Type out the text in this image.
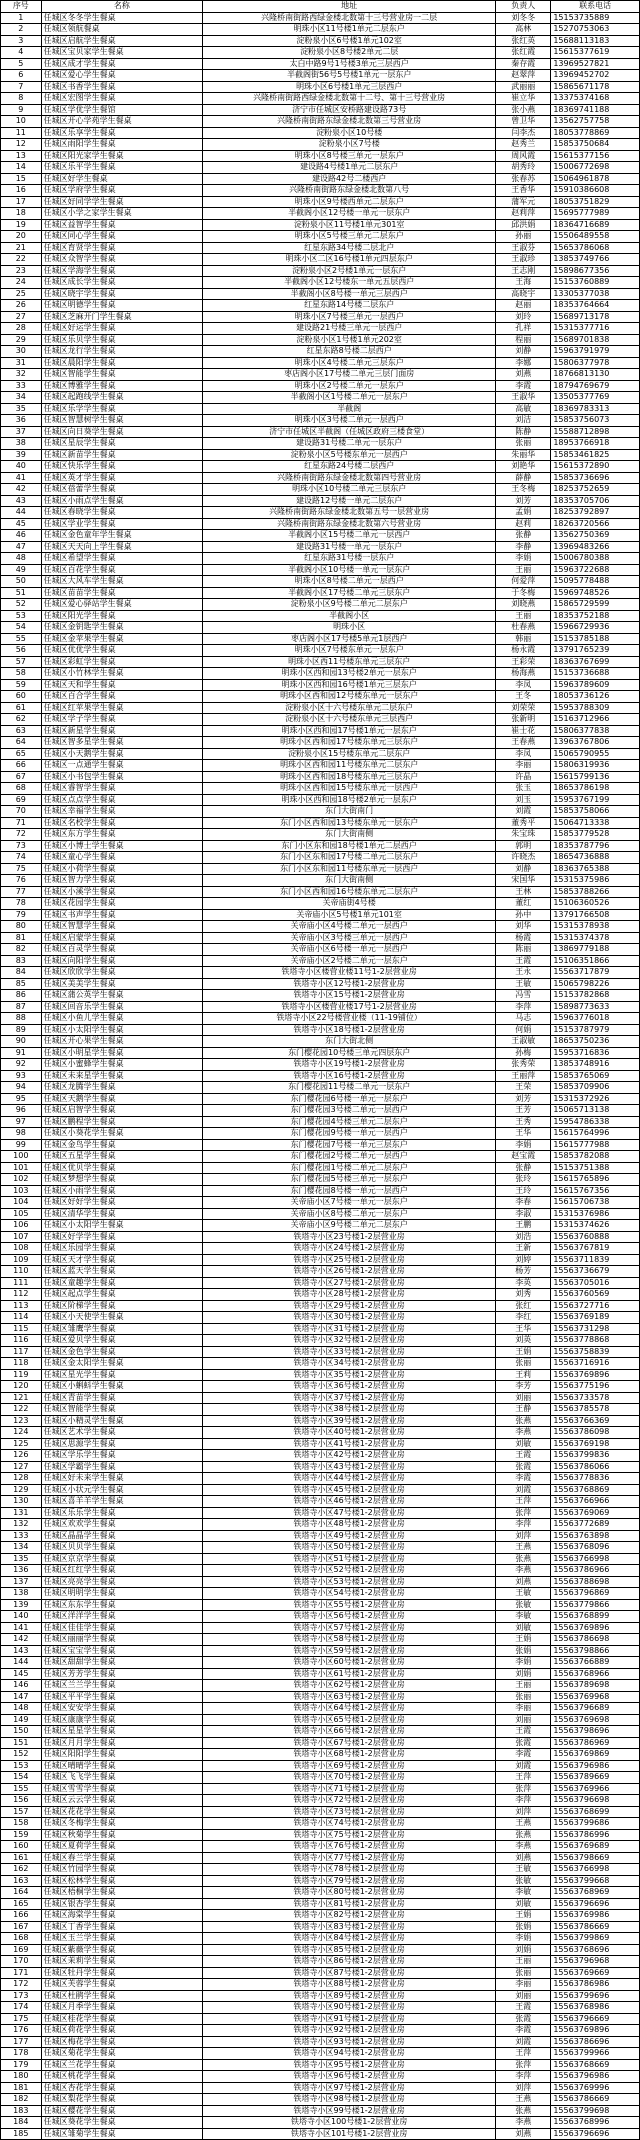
序号	名称	地址	负责人	联系电话
1	任城区冬冬学生餐桌	兴隆桥南街路西绿金楼北数第十三号营业房一二层	刘冬冬	15153735889
2	任城区领航餐桌	明珠小区11号楼1单元二层东户	高林	15270753063
3	任城区启航学生餐桌	淀粉泉小区6号楼1单元102室	张红英	15688113183
4	任城区宝贝家学生餐桌	淀粉泉小区8号楼2单元二层	张红霞	15615377619
5	任城区成才学生餐桌	太白中路9号1号楼3单元三层西户	秦存霞	13969527821
6	任城区爱心学生餐桌	半截阁街56号5号楼1单元一层东户	赵翠萍	13969452702
7	任城区书香学生餐桌	明珠小区6号楼1单元三层西户	武丽丽	15865671178
8	任城区宏图学生餐桌	兴隆桥南街路西绿金楼北数第十二号、第十三号营业房	崔立华	13375374168
9	任城区学优学生餐馆	济宁市任城区安桥路建设路73号	张小燕	18369741188
10	任城区开心学苑学生餐桌	兴隆桥南街路东绿金楼北数第三号营业房	曾卫华	13562757758
11	任城区乐享学生餐桌	淀粉泉小区10号楼	闫李杰	18053778869
12	任城区雨阳学生餐桌	淀粉泉小区7号楼	赵秀兰	15853750684
13	任城区阳光家学生餐桌	明珠小区8号楼三单元一层东户	周风霞	15615377156
14	任城区乐平学生餐桌	建设路4号楼1单元二层东户	胡秀玲	15006772698
15	任城区好学生餐桌	建设路42号二楼西户	张春苏	15064961878
16	任城区学府学生餐桌	兴隆桥南街路东绿金楼北数第八号	王香华	15910386608
17	任城区好同学学生餐桌	明珠小区9号楼西单元二层东户	蒲军元	18053751829
18	任城区小学之家学生餐桌	半截阁小区12号楼一单元一层东户	赵莉萍	15695777989
19	任城区益智学生餐桌	淀粉泉小区11号楼1单元301室	邱洪娟	18364716689
20	任城区同心学生餐桌	明珠小区5号楼三单元二层东户	孙丽	15506489558
21	任城区育贤学生餐桌	红星东路34号楼二层北户	王淑芬	15653786068
22	任城区众智学生餐桌	明珠小区二区16号楼1单元四层东户	王淑珍	13853749766
23	任城区学海学生餐桌	淀粉泉小区2号楼1单元一层东户	王志刚	15898677356
24	任城区成长学生餐桌	半截阁小区12号楼东一单元五层西户	王海	15153760889
25	任城区晓宇学生餐桌	半截阁小区8号楼一单元三层西户	高晓宇	13305377038
26	任城区明德学生餐桌	红星东路14号楼二层东户	赵丽	18353764664
27	任城区芝麻开门学生餐桌	明珠小区7号楼三单元一层西户	刘玲	15689713178
28	任城区好运学生餐桌	建设路21号楼三单元一层西户	孔祥	15315377716
29	任城区乐贝学生餐桌	淀粉泉小区1号楼1单元202室	程丽	15689701838
30	任城区龙行学生餐桌	红星东路8号楼二层西户	刘静	15963791979
31	任城区晨阳学生餐桌	明珠小区4号楼二单元三层东户	李娜	15806377978
32	任城区智能学生餐桌	枣店阁小区17号楼二单元三层门面房	刘燕	18766813130
33	任城区博雅学生餐桌	明珠小区2号楼二单元一层东户	李霞	18794769679
34	任城区起跑线学生餐桌	半截阁小区1号楼二单元一层东户	王淑华	13505377769
35	任城区乐学学生餐桌	半截阁	高敏	18369783313
36	任城区智慧树学生餐桌	明珠小区3号楼二单元一层西户	刘洁	15853756073
37	任城区向日葵学生餐桌	济宁市任城区半截阁（任城区政府三楼食堂）	陈静	15588712898
38	任城区星辰学生餐桌	建设路31号楼二单元一层东户	张丽	18953766918
39	任城区新苗学生餐桌	淀粉泉小区5号楼东单元一层西户	朱丽华	15853461825
40	任城区快乐学生餐桌	红星东路24号楼二层西户	刘艳华	15615372890
41	任城区英才学生餐桌	兴隆桥南街路东绿金楼北数第四号营业房	薛静	15853736696
42	任城区蓓蕾学生餐桌	明珠小区10号楼二单元三层东户	王冬梅	18253752659
43	任城区小雨点学生餐桌	建设路12号楼一单元二层东户	刘芳	18353705706
44	任城区春晓学生餐桌	兴隆桥南街路东绿金楼北数第五号一层营业房	孟娟	18253792897
45	任城区学业学生餐桌	兴隆桥南街路东绿金楼北数第六号营业房	赵莉	18263720566
46	任城区金色童年学生餐桌	半截阁小区15号楼二单元一层西户	张静	13562750369
47	任城区天天向上学生餐桌	建设路31号楼一单元一层东户	李静	13969483266
48	任城区希望学生餐桌	红星东路31号楼一层东户	李娟	15006780388
49	任城区百花学生餐桌	半截阁小区10号楼一单元一层东户	王丽	15963722688
50	任城区大风车学生餐桌	明珠小区8号楼二单元一层西户	何爱萍	15095778488
51	任城区苗苗学生餐桌	半截阁小区17号楼二单元三层东户	于冬梅	15969748526
52	任城区爱心驿站学生餐桌	淀粉泉小区9号楼二单元二层东户	刘晓燕	15865729599
53	任城区阳光学生餐桌	半截阁小区	王丽	18353752188
54	任城区金钥匙学生餐桌	明珠小区	杜春燕	15966729936
55	任城区金苹果学生餐桌	枣店阁小区17号楼5单元1层西户	韩丽	15153785188
56	任城区优优学生餐桌	明珠小区7号楼东单元一层东户	杨永霞	13791765239
57	任城区彩虹学生餐桌	明珠小区西11号楼东单元三层东户	王彩荣	18363767699
58	任城区小竹林学生餐桌	明珠小区西和园13号楼2单元一层东户	杨海燕	15153736688
59	任城区天和学生餐桌	明珠小区西和园16号楼1单元三层东户	李凤	15963789609
60	任城区百合学生餐桌	明珠小区西和园12号楼东单元一层东户	王冬	18053736126
61	任城区红苹果学生餐桌	淀粉泉小区十六号楼东单元二层东户	刘荣荣	15953788309
62	任城区学子学生餐桌	淀粉泉小区十六号楼东单元三层西户	张新明	15163712966
63	任城区新星学生餐桌	明珠小区西和园17号楼1单元一层东户	崔士花	15806377838
64	任城区智多星学生餐桌	明珠小区西和园17号楼东单元三层东户	王春燕	13963767806
65	任城区小天鹅学生餐桌	淀粉泉小区15号楼东单元二层东户	李凤	15065790955
66	任城区一点通学生餐桌	明珠小区西和园11号楼东单元二层东户	李丽	15806319936
67	任城区小书包学生餐桌	明珠小区西和园18号楼东单元三层东户	许晶	15615799136
68	任城区睿智学生餐桌	明珠小区西和园15号楼东单元一层西户	张玉	18653786198
69	任城区点点学生餐桌	明珠小区西和园18号楼2单元一层东户	刘玉	15953767199
70	任城区幸福学生餐桌	东门大街南门	刘霞	15853758066
71	任城区名校学生餐桌	东门小区西和园13号楼东单元一层东户	董秀平	15064713338
72	任城区东方学生餐桌	东门大街南侧	朱宝珠	15853779528
73	任城区小博士学生餐桌	东门小区东和园18号楼1单元二层西户	郭明	18353787796
74	任城区童心学生餐桌	东门小区东和园17号楼二单元二层东户	许晓杰	18654736888
75	任城区小荷学生餐桌	东门小区东和园11号楼东单元一层西户	刘静	18363765388
76	任城区智力学生餐桌	东门大街南侧	宋国华	15315375986
77	任城区小溪学生餐桌	东门小区西和园16号楼东单元二层东户	王林	15853788266
78	任城区花园学生餐桌	关帝庙街4号楼	董红	15106360526
79	任城区书声学生餐桌	关帝庙小区5号楼1单元101室	孙中	13791766508
80	任城区智慧学生餐桌	关帝庙小区4号楼二单元一层西户	刘华	15315378938
81	任城区启蒙学生餐桌	关帝庙小区3号楼三单元一层西户	杨霞	15315374378
82	任城区百灵学生餐桌	关帝庙小区6号楼一单元一层西户	陈丽	13869779188
83	任城区向阳学生餐桌	关帝庙小区2号楼二单元一层东户	王霞	15106351866
84	任城区欣欣学生餐桌	铁塔寺小区楼营业楼11号1-2层营业房	王永	15563717879
85	任城区美美学生餐桌	铁塔寺小区12号楼1-2层营业房	王敏	15065798226
86	任城区蒲公英学生餐桌	铁塔寺小区15号楼1-2层营业房	冯雪	15153782868
87	任城区回音乐学生餐桌	铁塔寺小区楼营业楼17号1-2层营业房	李萍	15898773633
88	任城区小鱼儿学生餐桌	铁塔寺小区22号楼营业楼（11-19铺位）	马志	15963776018
89	任城区小太阳学生餐桌	铁塔寺小区18号楼1-2层营业房	何娟	15153787979
90	任城区开心果学生餐桌	东门大街北侧	王淑敏	18653750236
91	任城区小明星学生餐桌	东门樱花园10号楼三单元四层东户	孙梅	15953716836
92	任城区小蜜蜂学生餐桌	铁塔寺小区19号楼1-2层营业房	张秀荣	13853748916
93	任城区未来星学生餐桌	铁塔寺小区16号楼1-2层营业房	王丽萍	15853765069
94	任城区龙腾学生餐桌	东门樱花园11号楼二单元一层东户	王荣	15853709906
95	任城区天鹅学生餐桌	东门樱花园6号楼一单元一层东户	刘芳	15315372926
96	任城区启智学生餐桌	东门樱花园3号楼二单元一层西户	王芳	15065713138
97	任城区鹏程学生餐桌	东门樱花园4号楼三单元二层东户	王秀	15954786338
98	任城区小葵花学生餐桌	东门樱花园9号楼一单元一层西户	王华	15615764996
99	任城区金鸟学生餐桌	东门樱花园7号楼一单元三层东户	李娟	15615777988
100	任城区五星学生餐桌	东门樱花园2号楼二单元一层西户	赵宝霞	15853782088
101	任城区优贝学生餐桌	东门樱花园1号楼二单元二层东户	张静	15153751388
102	任城区梦想学生餐桌	东门樱花园5号楼三单元一层东户	张玲	15615765896
103	任城区小雨学生餐桌	东门樱花园8号楼一单元一层西户	王玲	15615767356
104	任城区好好学生餐桌	关帝庙小区7号楼一单元一层东户	李春	15615706738
105	任城区清华学生餐桌	关帝庙小区8号楼二单元一层东户	李淑	15315376986
106	任城区小太阳学生餐桌	关帝庙小区9号楼二单元二层东户	王鹏	15315374626
107	任城区好学学生餐桌	铁塔寺小区23号楼1-2层营业房	刘浩	15563760888
108	任城区乐园学生餐桌	铁塔寺小区24号楼1-2层营业房	王新	15563767819
109	任城区天才学生餐桌	铁塔寺小区25号楼1-2层营业房	刘婷	15563711839
110	任城区蓝天学生餐桌	铁塔寺小区26号楼1-2层营业房	杨芳	15563736679
111	任城区童趣学生餐桌	铁塔寺小区27号楼1-2层营业房	李英	15563705016
112	任城区起点学生餐桌	铁塔寺小区28号楼1-2层营业房	刘秀	15563760569
113	任城区阶梯学生餐桌	铁塔寺小区29号楼1-2层营业房	张红	15563727716
114	任城区小天使学生餐桌	铁塔寺小区30号楼1-2层营业房	李红	15563769189
115	任城区雏鹰学生餐桌	铁塔寺小区31号楼1-2层营业房	王华	15563731298
116	任城区爱贝学生餐桌	铁塔寺小区32号楼1-2层营业房	刘英	15563778868
117	任城区金色学生餐桌	铁塔寺小区33号楼1-2层营业房	王娟	15563758839
118	任城区金太阳学生餐桌	铁塔寺小区34号楼1-2层营业房	张丽	15563716916
119	任城区星光学生餐桌	铁塔寺小区35号楼1-2层营业房	王莉	15563769896
120	任城区小蝌蚪学生餐桌	铁塔寺小区36号楼1-2层营业房	李芳	15563775196
121	任城区青苗学生餐桌	铁塔寺小区37号楼1-2层营业房	刘丽	15563733578
122	任城区智能学生餐桌	铁塔寺小区38号楼1-2层营业房	王静	15563785578
123	任城区小精灵学生餐桌	铁塔寺小区39号楼1-2层营业房	张燕	15563766369
124	任城区艺术学生餐桌	铁塔寺小区40号楼1-2层营业房	李燕	15563786098
125	任城区思源学生餐桌	铁塔寺小区41号楼1-2层营业房	刘敏	15563769198
126	任城区学乐学生餐桌	铁塔寺小区42号楼1-2层营业房	王霞	15563799836
127	任城区学霸学生餐桌	铁塔寺小区43号楼1-2层营业房	张霞	15563786066
128	任城区好未来学生餐桌	铁塔寺小区44号楼1-2层营业房	李霞	15563778836
129	任城区小状元学生餐桌	铁塔寺小区45号楼1-2层营业房	刘霞	15563768869
130	任城区喜羊羊学生餐桌	铁塔寺小区46号楼1-2层营业房	王萍	15563766966
131	任城区乐乐学生餐桌	铁塔寺小区47号楼1-2层营业房	张萍	15563769069
132	任城区欢欢学生餐桌	铁塔寺小区48号楼1-2层营业房	李萍	15563772689
133	任城区晶晶学生餐桌	铁塔寺小区49号楼1-2层营业房	刘萍	15563763898
134	任城区贝贝学生餐桌	铁塔寺小区50号楼1-2层营业房	王燕	15563768096
135	任城区京京学生餐桌	铁塔寺小区51号楼1-2层营业房	张燕	15563766998
136	任城区红红学生餐桌	铁塔寺小区52号楼1-2层营业房	李燕	15563786966
137	任城区亮亮学生餐桌	铁塔寺小区53号楼1-2层营业房	刘燕	15563788698
138	任城区明明学生餐桌	铁塔寺小区54号楼1-2层营业房	王敏	15563796869
139	任城区东东学生餐桌	铁塔寺小区55号楼1-2层营业房	张敏	15563779866
140	任城区洋洋学生餐桌	铁塔寺小区56号楼1-2层营业房	李敏	15563768899
141	任城区佳佳学生餐桌	铁塔寺小区57号楼1-2层营业房	刘敏	15563769896
142	任城区丽丽学生餐桌	铁塔寺小区58号楼1-2层营业房	王娟	15563786698
143	任城区宝宝学生餐桌	铁塔寺小区59号楼1-2层营业房	张娟	15563798866
144	任城区甜甜学生餐桌	铁塔寺小区60号楼1-2层营业房	李娟	15563766889
145	任城区芳芳学生餐桌	铁塔寺小区61号楼1-2层营业房	刘娟	15563768966
146	任城区兰兰学生餐桌	铁塔寺小区62号楼1-2层营业房	王丽	15563789698
147	任城区平平学生餐桌	铁塔寺小区63号楼1-2层营业房	张丽	15563769968
148	任城区安安学生餐桌	铁塔寺小区64号楼1-2层营业房	李丽	15563796689
149	任城区康康学生餐桌	铁塔寺小区65号楼1-2层营业房	刘丽	15563769698
150	任城区星星学生餐桌	铁塔寺小区66号楼1-2层营业房	王霞	15563798696
151	任城区月月学生餐桌	铁塔寺小区67号楼1-2层营业房	张霞	15563786969
152	任城区阳阳学生餐桌	铁塔寺小区68号楼1-2层营业房	李霞	15563769869
153	任城区晴晴学生餐桌	铁塔寺小区69号楼1-2层营业房	刘霞	15563796986
154	任城区飞飞学生餐桌	铁塔寺小区70号楼1-2层营业房	王萍	15563789669
155	任城区雪雪学生餐桌	铁塔寺小区71号楼1-2层营业房	张萍	15563769966
156	任城区云云学生餐桌	铁塔寺小区72号楼1-2层营业房	李萍	15563796698
157	任城区花花学生餐桌	铁塔寺小区73号楼1-2层营业房	刘萍	15563768699
158	任城区冬梅学生餐桌	铁塔寺小区74号楼1-2层营业房	王燕	15563799686
159	任城区秋菊学生餐桌	铁塔寺小区75号楼1-2层营业房	张燕	15563786996
160	任城区夏荷学生餐桌	铁塔寺小区76号楼1-2层营业房	李燕	15563769689
161	任城区春兰学生餐桌	铁塔寺小区77号楼1-2层营业房	刘燕	15563798669
162	任城区竹园学生餐桌	铁塔寺小区78号楼1-2层营业房	王敏	15563766998
163	任城区松林学生餐桌	铁塔寺小区79号楼1-2层营业房	张敏	15563799668
164	任城区梧桐学生餐桌	铁塔寺小区80号楼1-2层营业房	李敏	15563768969
165	任城区银杏学生餐桌	铁塔寺小区81号楼1-2层营业房	刘敏	15563796696
166	任城区海棠学生餐桌	铁塔寺小区82号楼1-2层营业房	王娟	15563769986
167	任城区丁香学生餐桌	铁塔寺小区83号楼1-2层营业房	张娟	15563786669
168	任城区玉兰学生餐桌	铁塔寺小区84号楼1-2层营业房	李娟	15563799869
169	任城区紫薇学生餐桌	铁塔寺小区85号楼1-2层营业房	刘娟	15563768696
170	任城区茉莉学生餐桌	铁塔寺小区86号楼1-2层营业房	王丽	15563796968
171	任城区牡丹学生餐桌	铁塔寺小区87号楼1-2层营业房	张丽	15563769669
172	任城区芙蓉学生餐桌	铁塔寺小区88号楼1-2层营业房	李丽	15563786986
173	任城区杜鹃学生餐桌	铁塔寺小区89号楼1-2层营业房	刘丽	15563799696
174	任城区月季学生餐桌	铁塔寺小区90号楼1-2层营业房	王霞	15563768986
175	任城区桂花学生餐桌	铁塔寺小区91号楼1-2层营业房	张霞	15563796669
176	任城区荷花学生餐桌	铁塔寺小区92号楼1-2层营业房	李霞	15563769896
177	任城区梅花学生餐桌	铁塔寺小区93号楼1-2层营业房	刘霞	15563786696
178	任城区菊花学生餐桌	铁塔寺小区94号楼1-2层营业房	王萍	15563799966
179	任城区兰花学生餐桌	铁塔寺小区95号楼1-2层营业房	张萍	15563768669
180	任城区桃花学生餐桌	铁塔寺小区96号楼1-2层营业房	李萍	15563796986
181	任城区杏花学生餐桌	铁塔寺小区97号楼1-2层营业房	刘萍	15563769996
182	任城区梨花学生餐桌	铁塔寺小区98号楼1-2层营业房	王燕	15563786669
183	任城区樱花学生餐桌	铁塔寺小区99号楼1-2层营业房	张燕	15563799698
184	任城区葵花学生餐桌	铁塔寺小区100号楼1-2层营业房	李燕	15563768996
185	任城区雏菊学生餐桌	铁塔寺小区101号楼1-2层营业房	刘燕	15563796696
